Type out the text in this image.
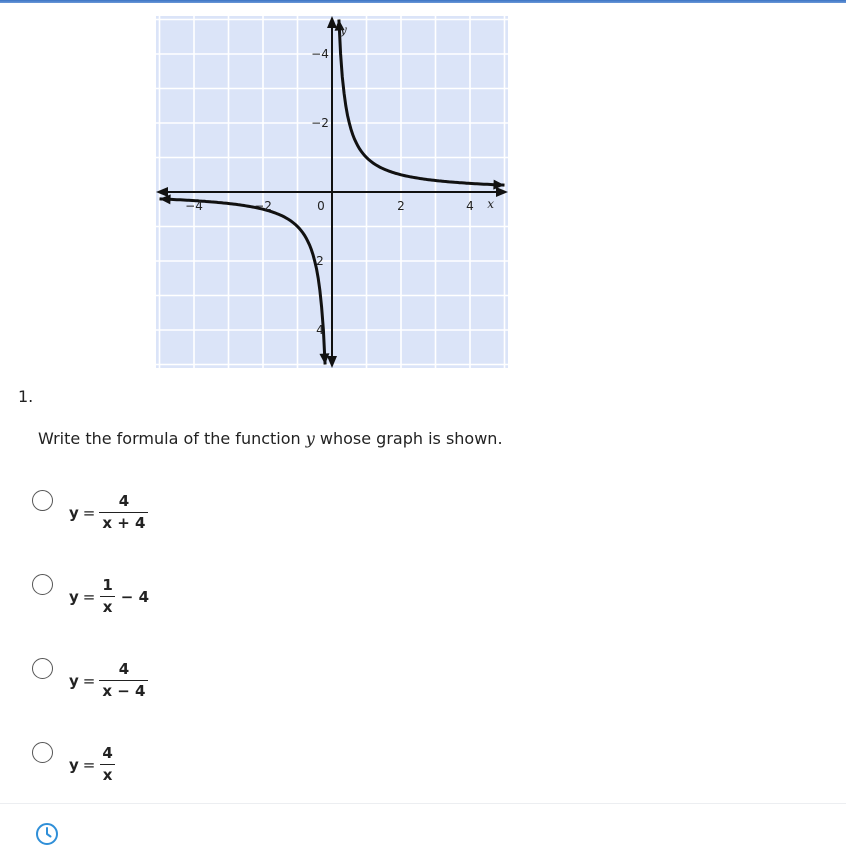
−4	−2	0	2	4
4
2
−2
−4
y
x
1.
Write the formula of the function y whose graph is shown.
$y = \frac{4}{x + 4}$
$y = \frac{1}{x} - 4$
$y = \frac{4}{x - 4}$
$y = \frac{4}{x}$
